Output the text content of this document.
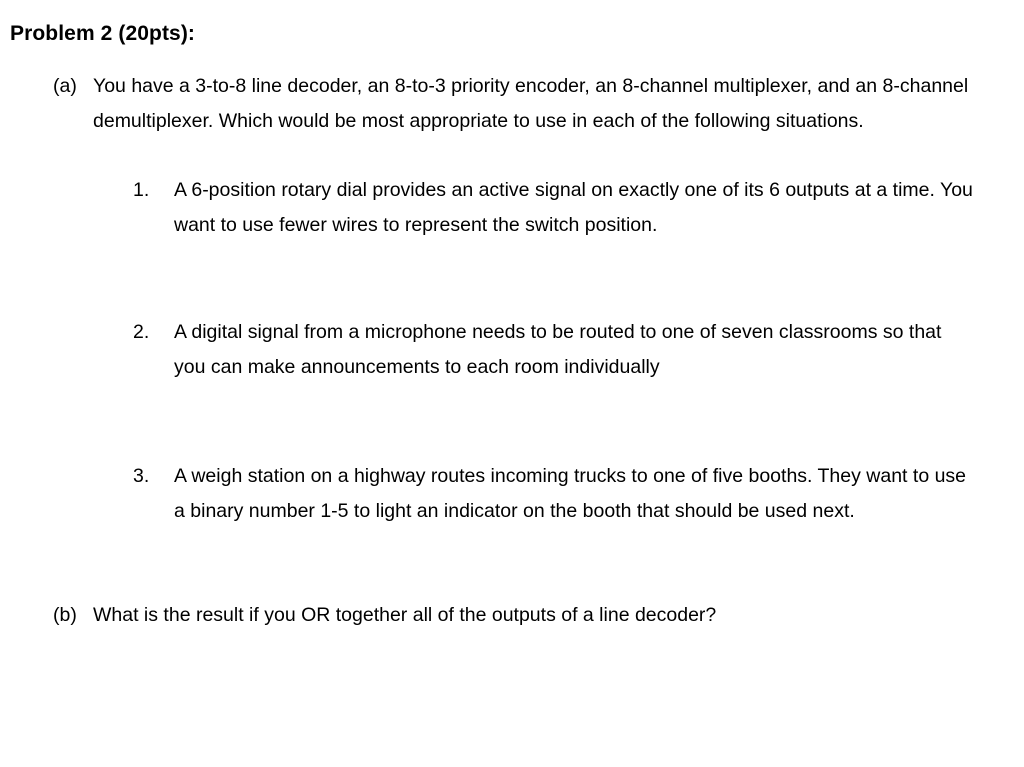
Problem 2 (20pts):
(a) You have a 3-to-8 line decoder, an 8-to-3 priority encoder, an 8-channel multiplexer, and an 8-channel demultiplexer. Which would be most appropriate to use in each of the following situations.
1. A 6-position rotary dial provides an active signal on exactly one of its 6 outputs at a time. You want to use fewer wires to represent the switch position.
2. A digital signal from a microphone needs to be routed to one of seven classrooms so that you can make announcements to each room individually
3. A weigh station on a highway routes incoming trucks to one of five booths. They want to use a binary number 1-5 to light an indicator on the booth that should be used next.
(b) What is the result if you OR together all of the outputs of a line decoder?
